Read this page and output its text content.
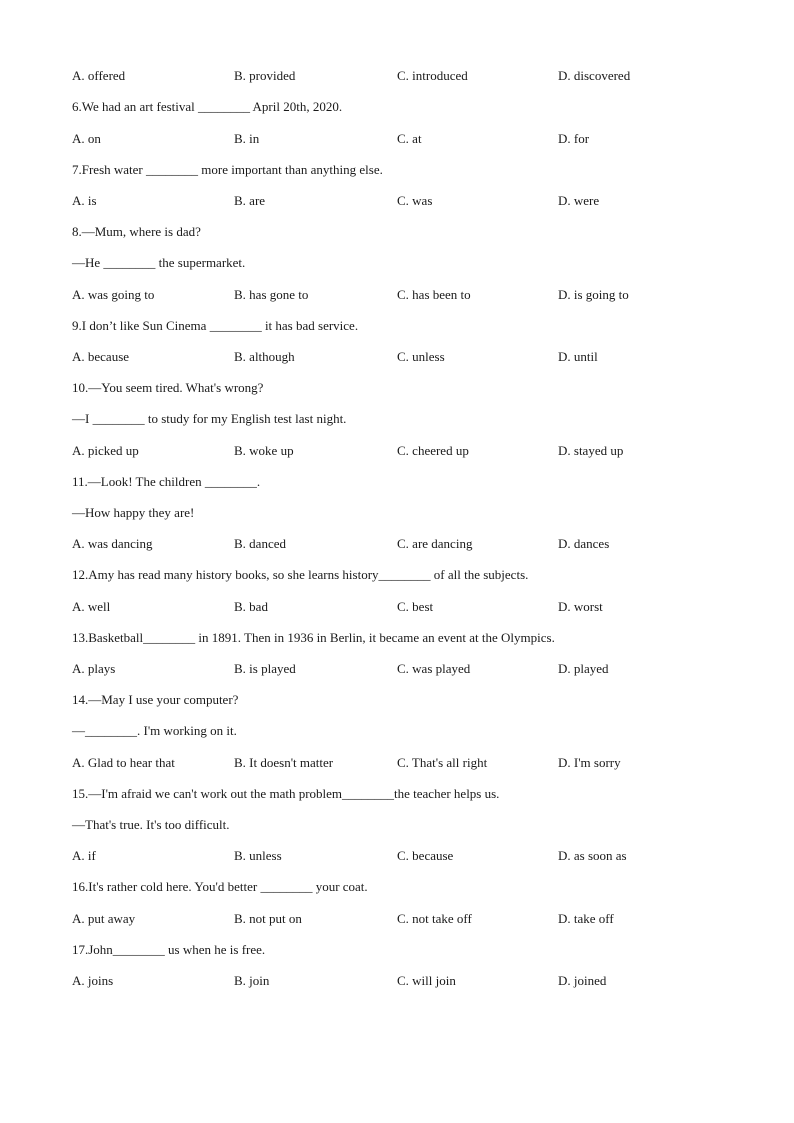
A. offered	B. provided	C. introduced	D. discovered
6.We had an art festival ________ April 20th, 2020.
A. on	B. in	C. at	D. for
7.Fresh water ________ more important than anything else.
A. is	B. are	C. was	D. were
8.—Mum, where is dad?
—He ________ the supermarket.
A. was going to	B. has gone to	C. has been to	D. is going to
9.I don’t like Sun Cinema ________ it has bad service.
A. because	B. although	C. unless	D. until
10.—You seem tired. What's wrong?
—I ________ to study for my English test last night.
A. picked up	B. woke up	C. cheered up	D. stayed up
11.—Look! The children ________.
—How happy they are!
A. was dancing	B. danced	C. are dancing	D. dances
12.Amy has read many history books, so she learns history________ of all the subjects.
A. well	B. bad	C. best	D. worst
13.Basketball________ in 1891. Then in 1936 in Berlin, it became an event at the Olympics.
A. plays	B. is played	C. was played	D. played
14.—May I use your computer?
—________. I'm working on it.
A. Glad to hear that	B. It doesn't matter	C. That's all right	D. I'm sorry
15.—I'm afraid we can't work out the math problem________the teacher helps us.
—That's true. It's too difficult.
A. if	B. unless	C. because	D. as soon as
16.It's rather cold here. You'd better ________ your coat.
A. put away	B. not put on	C. not take off	D. take off
17.John________ us when he is free.
A. joins	B. join	C. will join	D. joined
